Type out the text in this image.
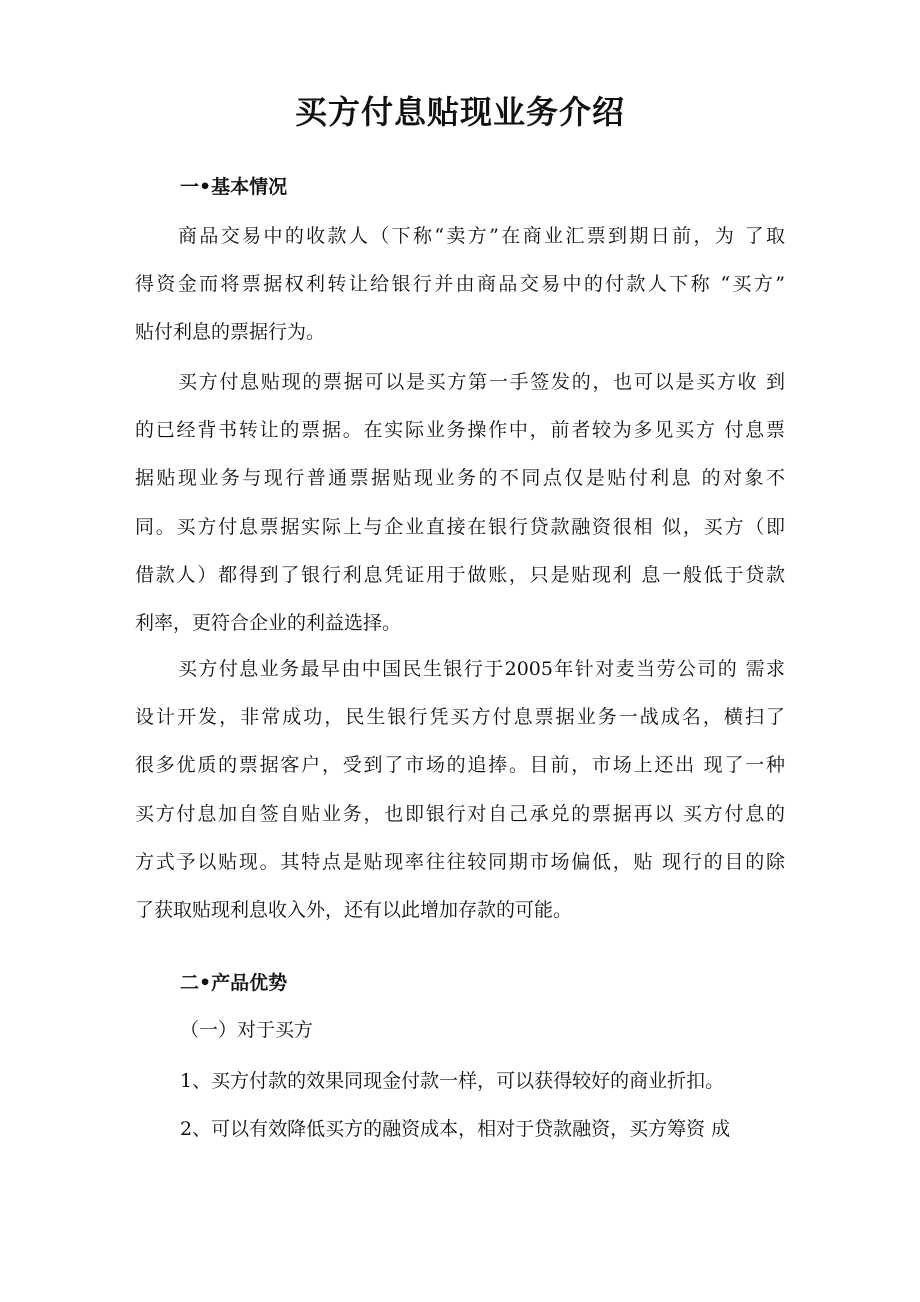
买方付息贴现业务介绍
一•基本情况
商品交易中的收款人（下称“卖方”在商业汇票到期日前，为 了取
得资金而将票据权利转让给银行并由商品交易中的付款人下称 “买方”
贴付利息的票据行为。
买方付息贴现的票据可以是买方第一手签发的，也可以是买方收 到
的已经背书转让的票据。在实际业务操作中，前者较为多见买方 付息票
据贴现业务与现行普通票据贴现业务的不同点仅是贴付利息 的对象不
同。买方付息票据实际上与企业直接在银行贷款融资很相 似，买方（即
借款人）都得到了银行利息凭证用于做账，只是贴现利 息一般低于贷款
利率，更符合企业的利益选择。
买方付息业务最早由中国民生银行于2005年针对麦当劳公司的 需求
设计开发，非常成功，民生银行凭买方付息票据业务一战成名，横扫了
很多优质的票据客户，受到了市场的追捧。目前，市场上还出 现了一种
买方付息加自签自贴业务，也即银行对自己承兑的票据再以 买方付息的
方式予以贴现。其特点是贴现率往往较同期市场偏低，贴 现行的目的除
了获取贴现利息收入外，还有以此增加存款的可能。
二•产品优势

（一）对于买方

1、买方付款的效果同现金付款一样，可以获得较好的商业折扣。

2、可以有效降低买方的融资成本，相对于贷款融资，买方筹资 成
